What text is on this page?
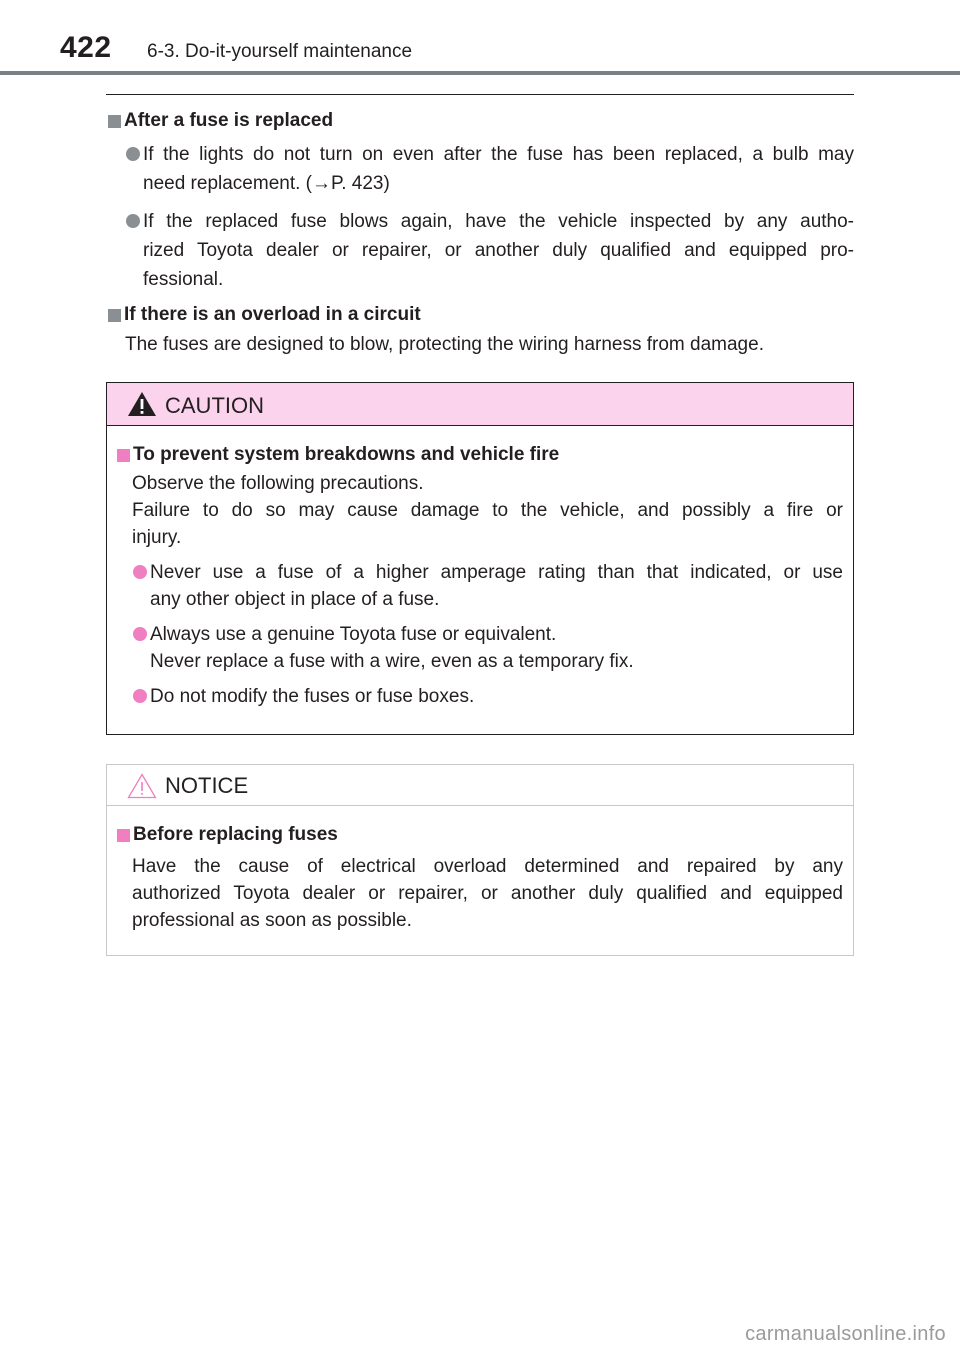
422 6-3. Do-it-yourself maintenance
After a fuse is replaced
If the lights do not turn on even after the fuse has been replaced, a bulb may
need replacement. (→P. 423)
If the replaced fuse blows again, have the vehicle inspected by any autho-
rized Toyota dealer or repairer, or another duly qualified and equipped pro-
fessional.
If there is an overload in a circuit
The fuses are designed to blow, protecting the wiring harness from damage.
CAUTION
To prevent system breakdowns and vehicle fire
Observe the following precautions.
Failure to do so may cause damage to the vehicle, and possibly a fire or
injury.
Never use a fuse of a higher amperage rating than that indicated, or use
any other object in place of a fuse.
Always use a genuine Toyota fuse or equivalent.
Never replace a fuse with a wire, even as a temporary fix.
Do not modify the fuses or fuse boxes.
NOTICE
Before replacing fuses
Have the cause of electrical overload determined and repaired by any
authorized Toyota dealer or repairer, or another duly qualified and equipped
professional as soon as possible.
carmanualsonline.info
